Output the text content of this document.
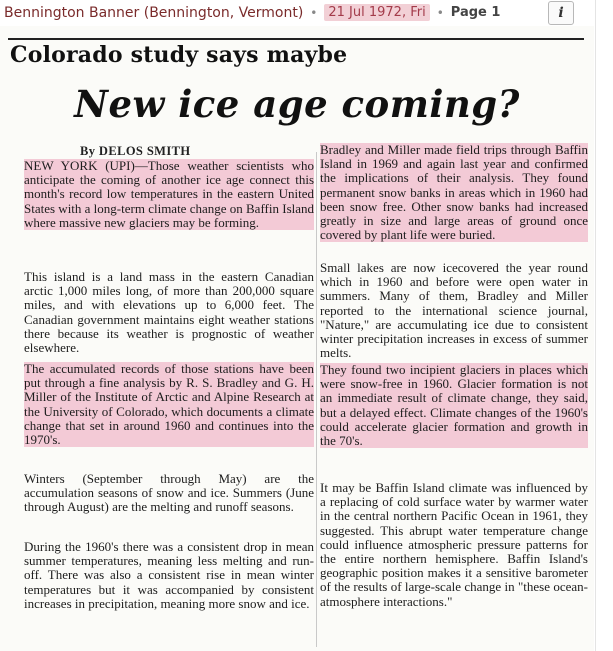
Bennington Banner (Bennington, Vermont) • 21 Jul 1972, Fri • Page 1	i
Colorado study says maybe
New ice age coming?
By DELOS SMITH

NEW YORK (UPI)—Those weather scientists who anticipate the coming of another ice age connect this month's record low temperatures in the eastern United States with a long-term climate change on Baffin Island where massive new glaciers may be forming.

This island is a land mass in the eastern Canadian arctic 1,000 miles long, of more than 200,000 square miles, and with elevations up to 6,000 feet. The Canadian government maintains eight weather stations there because its weather is prognostic of weather elsewhere.

The accumulated records of those stations have been put through a fine analysis by R. S. Bradley and G. H. Miller of the Institute of Arctic and Alpine Research at the University of Colorado, which documents a climate change that set in around 1960 and continues into the 1970's.

Winters (September through May) are the accumulation seasons of snow and ice. Summers (June through August) are the melting and runoff seasons.

During the 1960's there was a consistent drop in mean summer temperatures, meaning less melting and run-off. There was also a consistent rise in mean winter temperatures but it was accompanied by consistent increases in precipitation, meaning more snow and ice.

Bradley and Miller made field trips through Baffin Island in 1969 and again last year and confirmed the implications of their analysis. They found permanent snow banks in areas which in 1960 had been snow free. Other snow banks had increased greatly in size and large areas of ground once covered by plant life were buried.

Small lakes are now icecovered the year round which in 1960 and before were open water in summers. Many of them, Bradley and Miller reported to the international science journal, "Nature," are accumulating ice due to consistent winter precipitation increases in excess of summer melts.

They found two incipient glaciers in places which were snow-free in 1960. Glacier formation is not an immediate result of climate change, they said, but a delayed effect. Climate changes of the 1960's could accelerate glacier formation and growth in the 70's.

It may be Baffin Island climate was influenced by a replacing of cold surface water by warmer water in the central northern Pacific Ocean in 1961, they suggested. This abrupt water temperature change could influence atmospheric pressure patterns for the entire northern hemisphere. Baffin Island's geographic position makes it a sensitive barometer of the results of large-scale change in "these ocean-atmosphere interactions."
